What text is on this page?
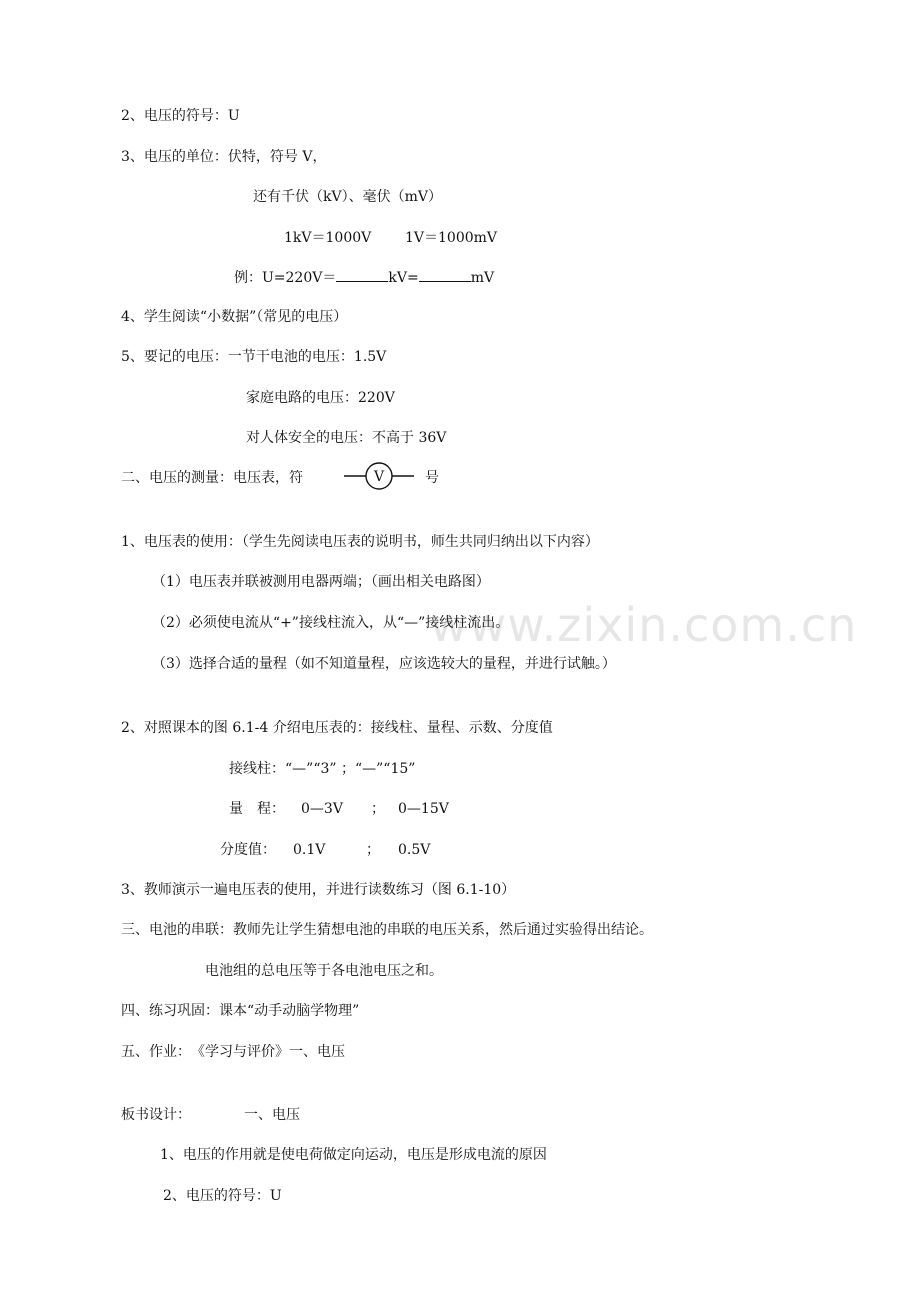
www.zixin.com.cn
2、电压的符号：U
3、电压的单位：伏特，符号 V，
还有千伏（kV）、毫伏（mV）
1kV＝1000V 1V＝1000mV
例：U=220V＝	kV=	mV
4、学生阅读“小数据”（常见的电压）
5、要记的电压：一节干电池的电压：1.5V
家庭电路的电压：220V
对人体安全的电压：不高于 36V
二、电压的测量：电压表，符	V	号
1、电压表的使用：（学生先阅读电压表的说明书，师生共同归纳出以下内容）
（1）电压表并联被测用电器两端；（画出相关电路图）
（2）必须使电流从“+”接线柱流入，从“—”接线柱流出。
（3）选择合适的量程（如不知道量程，应该选较大的量程，并进行试触。）
2、对照课本的图 6.1-4 介绍电压表的：接线柱、量程、示数、分度值
接线柱：“—”“3” ；“—”“15”
量　程： 0—3V ； 0—15V
分度值： 0.1V	； 0.5V
3、教师演示一遍电压表的使用，并进行读数练习（图 6.1-10）
三、电池的串联：教师先让学生猜想电池的串联的电压关系，然后通过实验得出结论。
电池组的总电压等于各电池电压之和。
四、练习巩固：课本“动手动脑学物理”
五、作业：　《学习与评价》一、电压
板书设计：	一、电压
1、电压的作用就是使电荷做定向运动，电压是形成电流的原因
2、电压的符号：U
